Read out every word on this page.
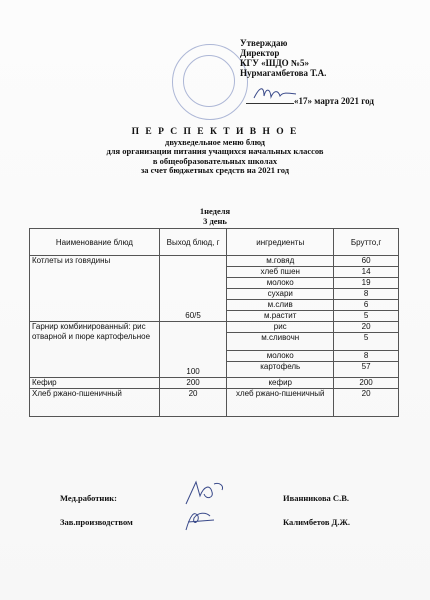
Утверждаю
Директор
КГУ «ШДО №5»
Нурмагамбетова Т.А.
«17» марта 2021 год
П Е Р С П Е К Т И В Н О Е
двухведельное меню блюд
для организации питания учащихся начальных классов
в общеобразовательных школах
за счет бюджетных средств на 2021 год
1неделя
3 день
Наименование блюд	Выход блюд, г	ингредиенты	Брутто,г
Котлеты из говядины	60/5	м.говяд	60
		хлеб пшен	14
		молоко	19
		сухари	8
		м.слив	6
		м.растит	5
Гарнир комбинированный: рис отварной и пюре картофельное	100	рис	20
		м.сливочн	5
		молоко	8
		картофель	57
Кефир	200	кефир	200
Хлеб ржано-пшеничный	20	хлеб ржано-пшеничный	20
Мед.работник:	Иванникова С.В.
Зав.производством	Калимбетов Д.Ж.
